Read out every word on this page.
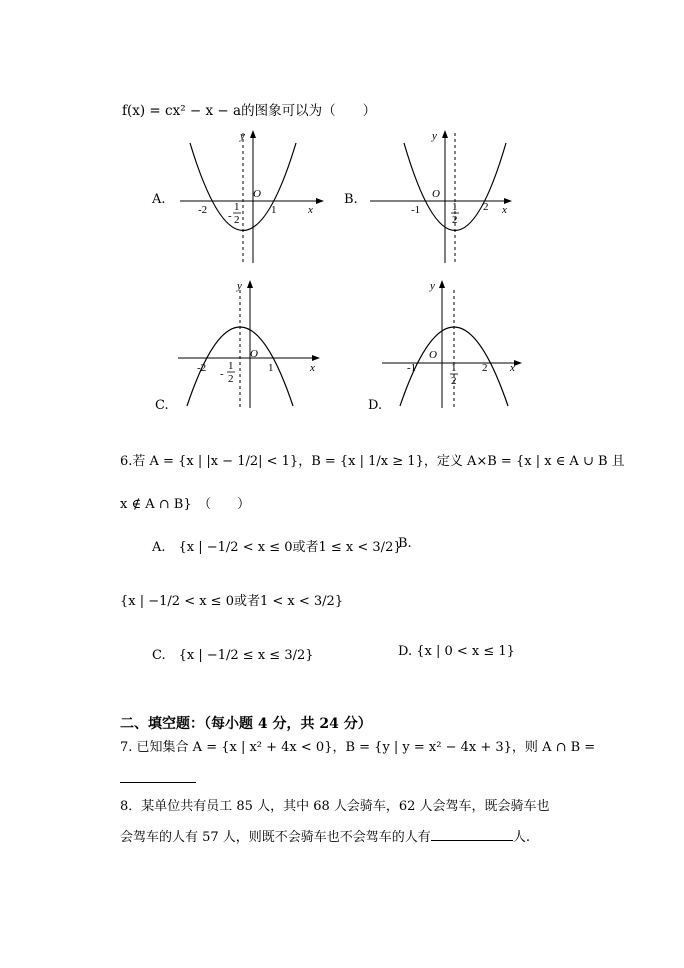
f(x) = cx² − x − a的图象可以为（　　）
x
y
O
-2	1
-
1
2
A.
x
y
O
-1	2
1
2
B.
x
y
O
-2	1
-
1
2
C.
x
y
O
-1	2
1
2
D.
6.若 A = {x | |x − 1/2| < 1}，B = {x | 1/x ≥ 1}，定义 A×B = {x | x ∈ A ∪ B 且
x ∉ A ∩ B}　（　　）
A.　{x | −1/2 < x ≤ 0或者1 ≤ x < 3/2}
B.
{x | −1/2 < x ≤ 0或者1 < x < 3/2}
C.　{x | −1/2 ≤ x ≤ 3/2}	D. {x | 0 < x ≤ 1}
二、填空题：（每小题 4 分，共 24 分）
7. 已知集合 A = {x | x² + 4x < 0}，B = {y | y = x² − 4x + 3}，则 A ∩ B =
8．某单位共有员工 85 人，其中 68 人会骑车，62 人会驾车，既会骑车也
会驾车的人有 57 人，则既不会骑车也不会驾车的人有	人.
